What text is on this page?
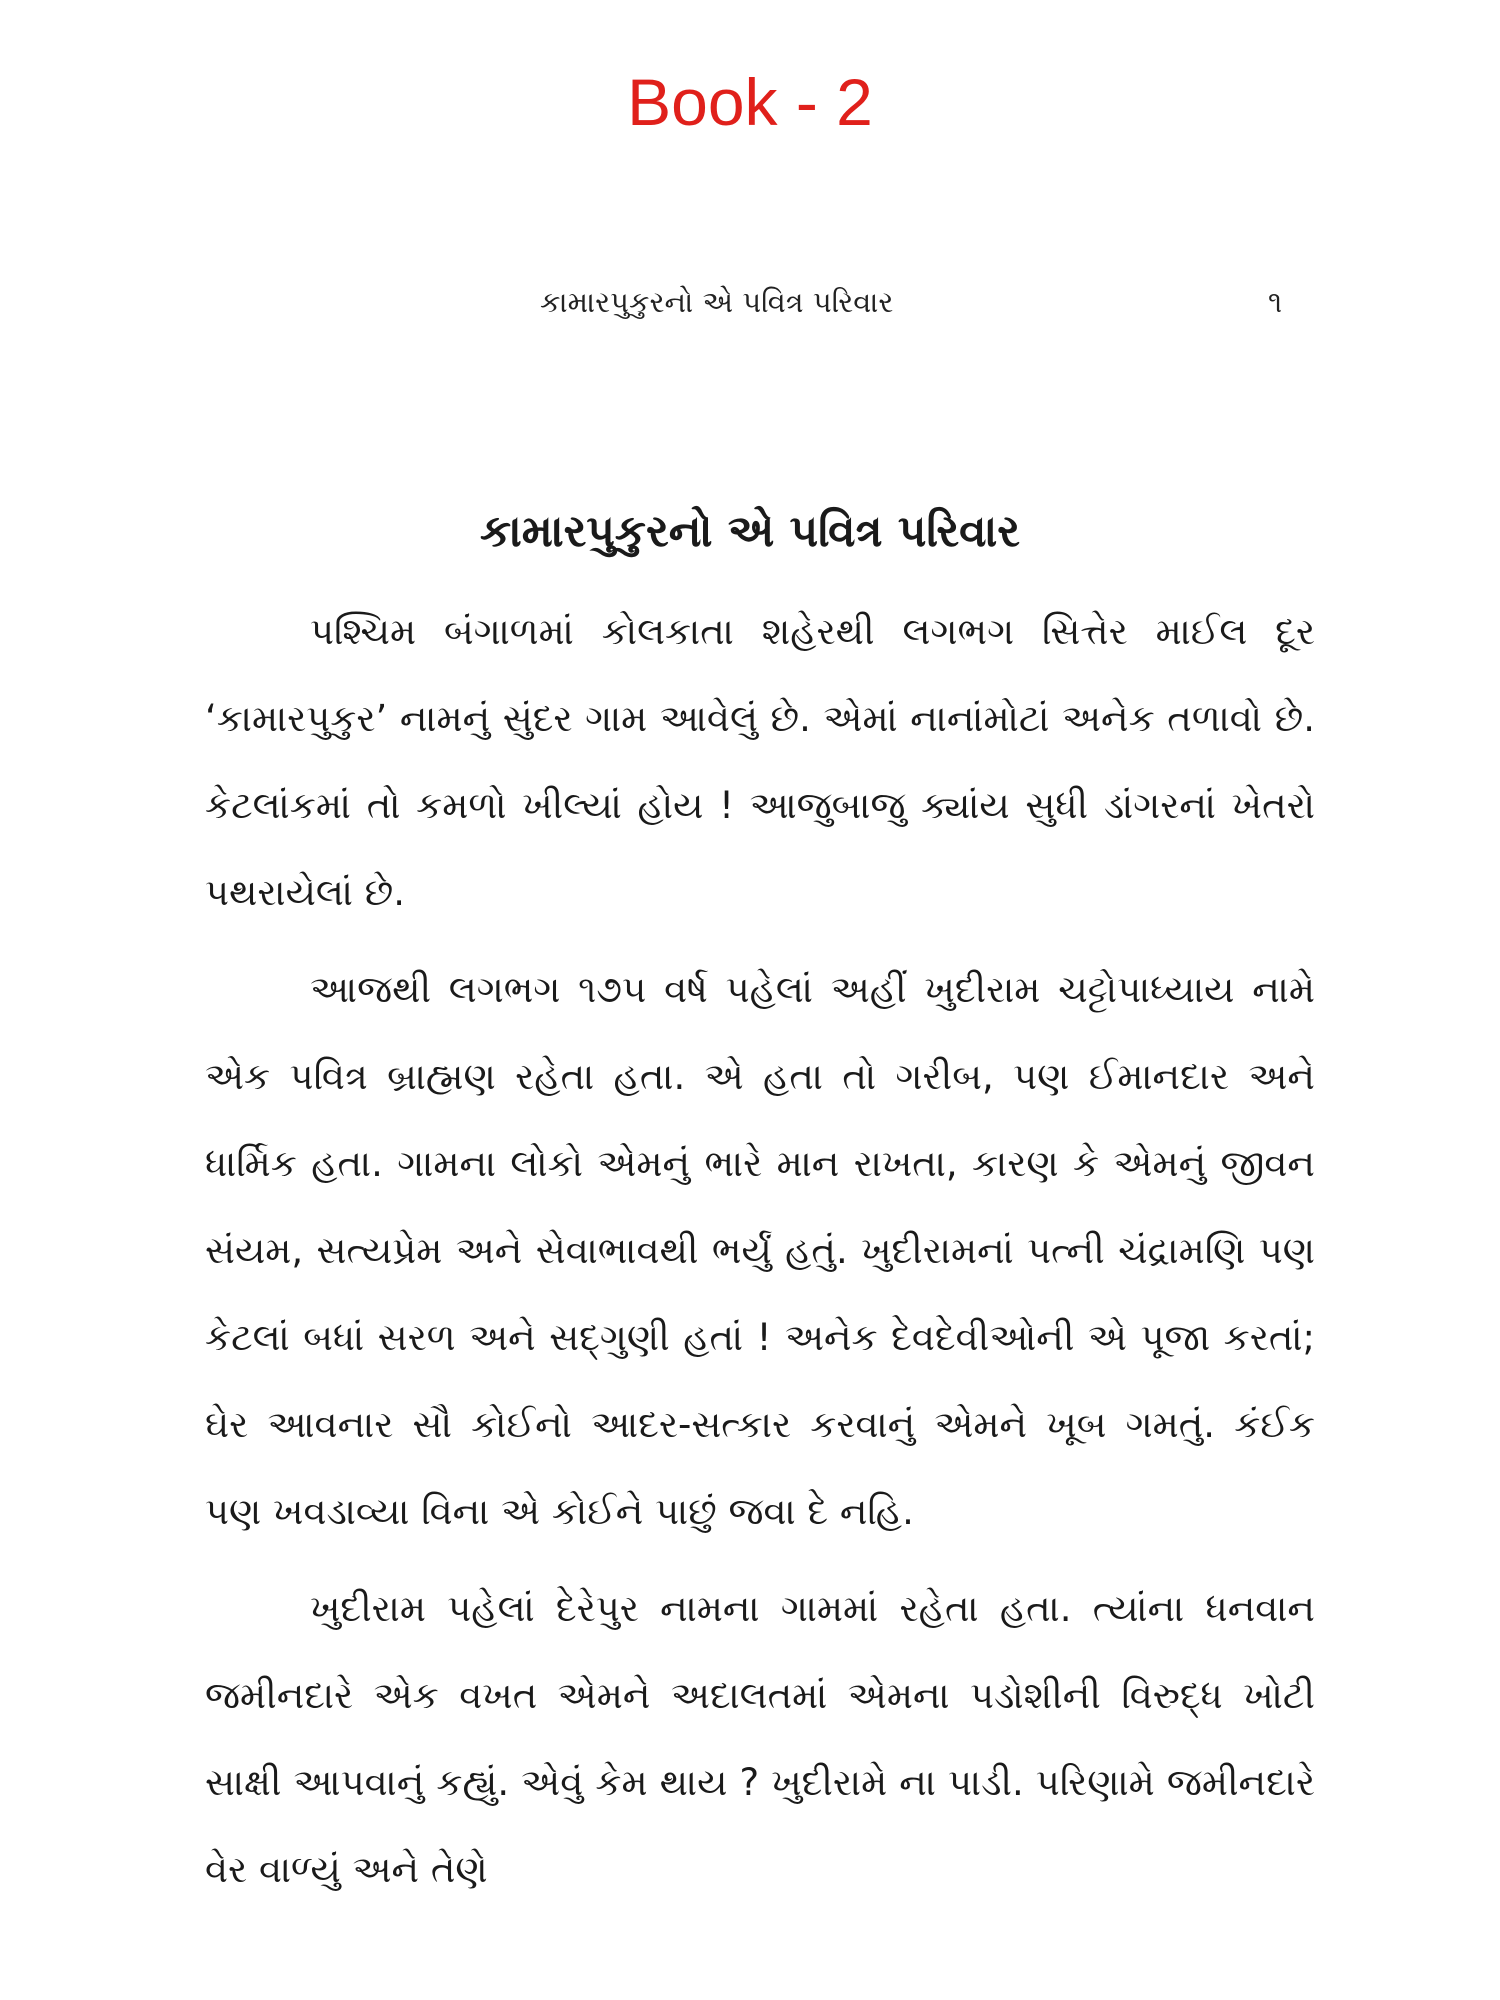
Book - 2
કામારપુકુરનો એ પવિત્ર પરિવાર	૧
કામારપુકુરનો એ પવિત્ર પરિવાર

પશ્ચિમ બંગાળમાં કોલકાતા શહેરથી લગભગ સિત્તેર માઈલ દૂર ‘કામારપુકુર’ નામનું સુંદર ગામ આવેલું છે. એમાં નાનાંમોટાં અનેક તળાવો છે. કેટલાંકમાં તો કમળો ખીલ્યાં હોય ! આજુબાજુ ક્યાંય સુધી ડાંગરનાં ખેતરો પથરાયેલાં છે.

આજથી લગભગ ૧૭૫ વર્ષ પહેલાં અહીં ખુદીરામ ચટ્ટોપાધ્યાય નામે એક પવિત્ર બ્રાહ્મણ રહેતા હતા. એ હતા તો ગરીબ, પણ ઈમાનદાર અને ધાર્મિક હતા. ગામના લોકો એમનું ભારે માન રાખતા, કારણ કે એમનું જીવન સંયમ, સત્યપ્રેમ અને સેવાભાવથી ભર્યું હતું. ખુદીરામનાં પત્ની ચંદ્રામણિ પણ કેટલાં બધાં સરળ અને સદ્‌ગુણી હતાં ! અનેક દેવદેવીઓની એ પૂજા કરતાં; ઘેર આવનાર સૌ કોઈનો આદર-સત્કાર કરવાનું એમને ખૂબ ગમતું. કંઈક પણ ખવડાવ્યા વિના એ કોઈને પાછું જવા દે નહિ.

ખુદીરામ પહેલાં દેરેપુર નામના ગામમાં રહેતા હતા. ત્યાંના ધનવાન જમીનદારે એક વખત એમને અદાલતમાં એમના પડોશીની વિરુદ્ધ ખોટી સાક્ષી આપવાનું કહ્યું. એવું કેમ થાય ? ખુદીરામે ના પાડી. પરિણામે જમીનદારે વેર વાળ્યું અને તેણે
